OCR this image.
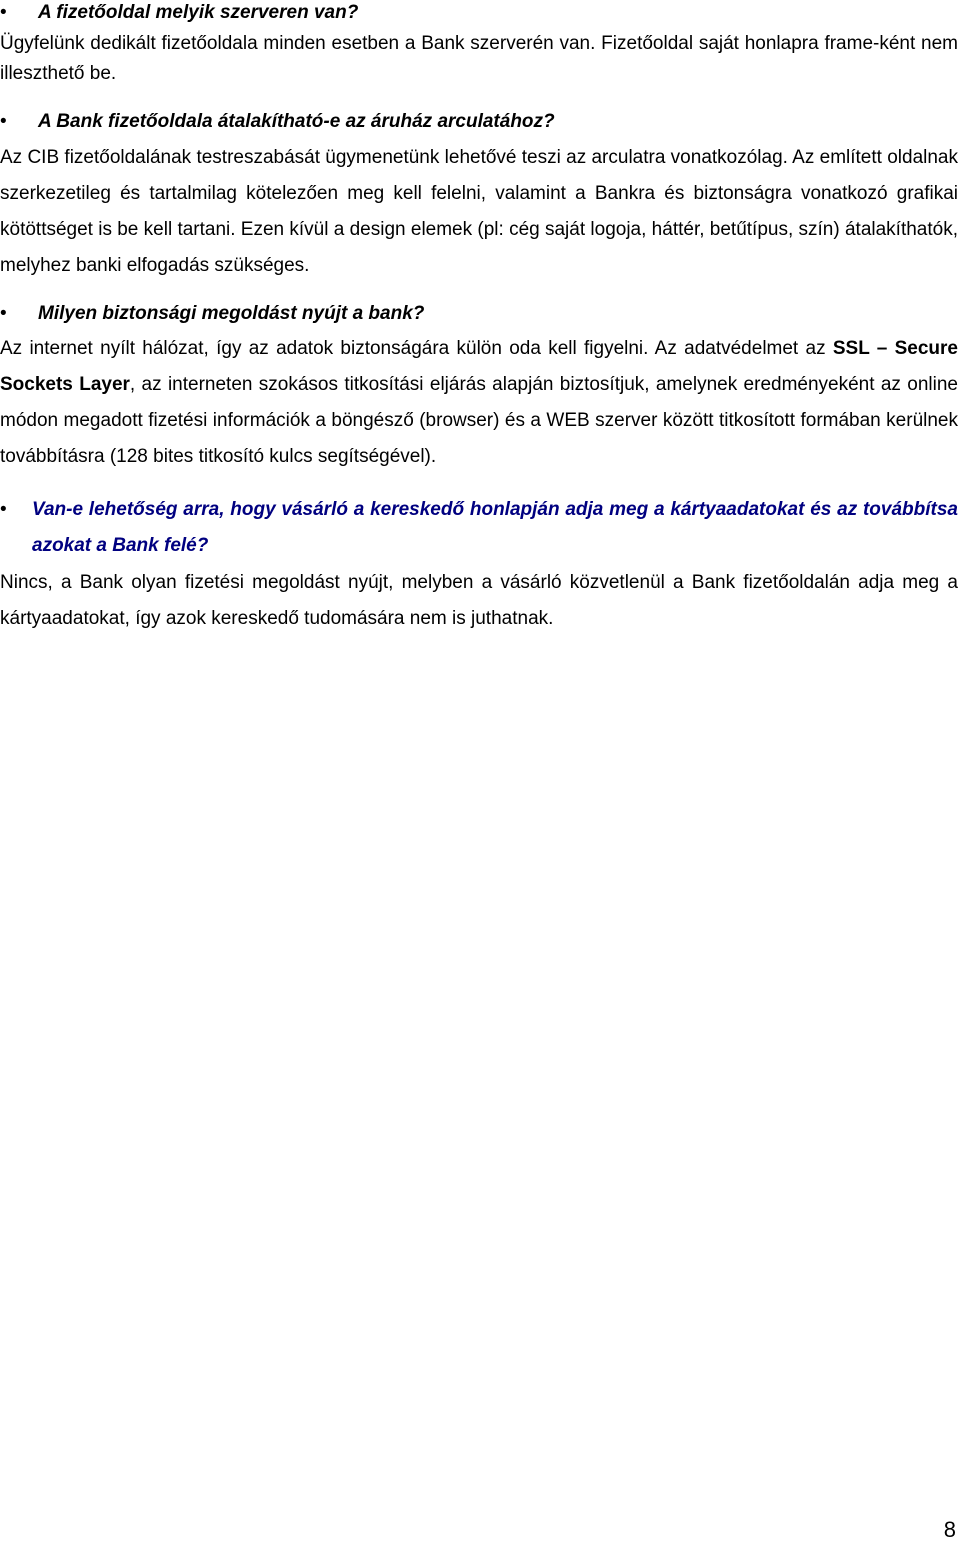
• A fizetőoldal melyik szerveren van?

Ügyfelünk dedikált fizetőoldala minden esetben a Bank szerverén van. Fizetőoldal saját honlapra frame-ként nem illeszthető be.

• A Bank fizetőoldala átalakítható-e az áruház arculatához?

Az CIB fizetőoldalának testreszabását ügymenetünk lehetővé teszi az arculatra vonatkozólag. Az említett oldalnak szerkezetileg és tartalmilag kötelezően meg kell felelni, valamint a Bankra és biztonságra vonatkozó grafikai kötöttséget is be kell tartani. Ezen kívül a design elemek (pl: cég saját logoja, háttér, betűtípus, szín) átalakíthatók, melyhez banki elfogadás szükséges.

• Milyen biztonsági megoldást nyújt a bank?

Az internet nyílt hálózat, így az adatok biztonságára külön oda kell figyelni. Az adatvédelmet az SSL – Secure Sockets Layer, az interneten szokásos titkosítási eljárás alapján biztosítjuk, amelynek eredményeként az online módon megadott fizetési információk a böngésző (browser) és a WEB szerver között titkosított formában kerülnek továbbításra (128 bites titkosító kulcs segítségével).

• Van-e lehetőség arra, hogy vásárló a kereskedő honlapján adja meg a kártyaadatokat és az továbbítsa azokat a Bank felé?

Nincs, a Bank olyan fizetési megoldást nyújt, melyben a vásárló közvetlenül a Bank fizetőoldalán adja meg a kártyaadatokat, így azok kereskedő tudomására nem is juthatnak.

8
